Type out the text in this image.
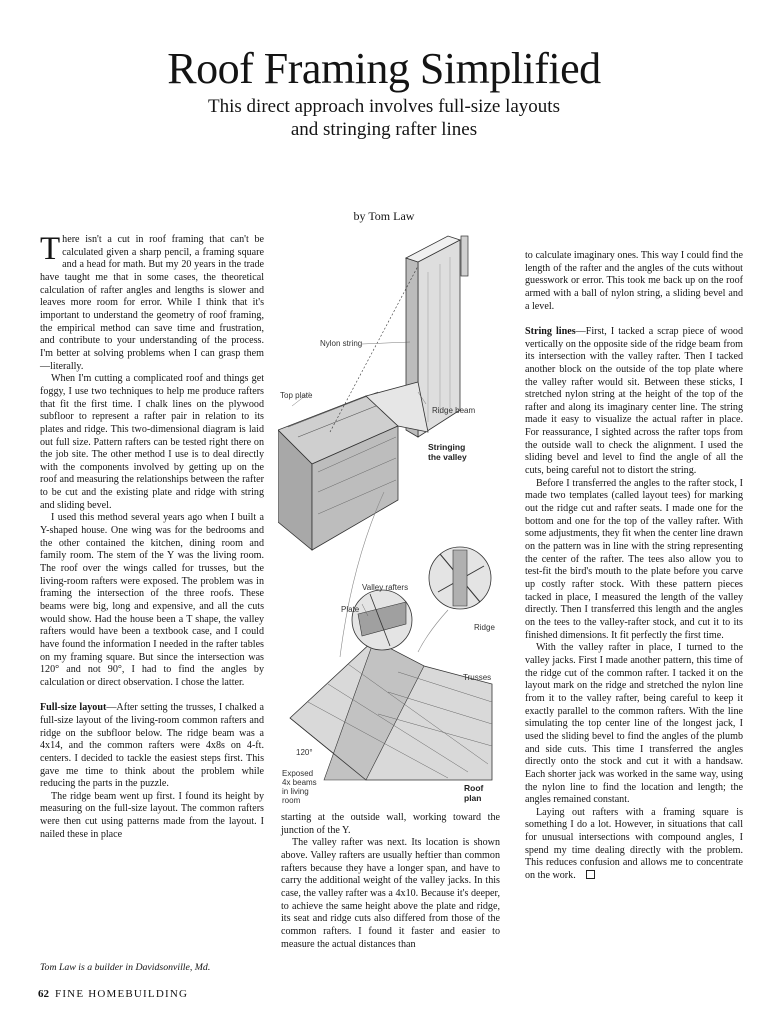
Roof Framing Simplified
This direct approach involves full-size layouts
and stringing rafter lines
by Tom Law

There isn't a cut in roof framing that can't be calculated given a sharp pencil, a framing square and a head for math. But my 20 years in the trade have taught me that in some cases, the theoretical calculation of rafter angles and lengths is slower and leaves more room for error. While I think that it's important to understand the geometry of roof framing, the empirical method can save time and frustration, and contribute to your understanding of the process. I'm better at solving problems when I can grasp them—literally.

When I'm cutting a complicated roof and things get foggy, I use two techniques to help me produce rafters that fit the first time. I chalk lines on the plywood subfloor to represent a rafter pair in relation to its plates and ridge. This two-dimensional diagram is laid out full size. Pattern rafters can be tested right there on the job site. The other method I use is to deal directly with the components involved by getting up on the roof and measuring the relationships between the rafter to be cut and the existing plate and ridge with string and sliding bevel.

I used this method several years ago when I built a Y-shaped house. One wing was for the bedrooms and the other contained the kitchen, dining room and family room. The stem of the Y was the living room. The roof over the wings called for trusses, but the living-room rafters were exposed. The problem was in framing the intersection of the three roofs. These beams were big, long and expensive, and all the cuts would show. Had the house been a T shape, the valley rafters would have been a textbook case, and I could have found the information I needed in the rafter tables on my framing square. But since the intersection was 120° and not 90°, I had to find the angles by calculation or direct observation. I chose the latter.

Full-size layout—After setting the trusses, I chalked a full-size layout of the living-room common rafters and ridge on the subfloor below. The ridge beam was a 4x14, and the common rafters were 4x8s on 4-ft. centers. I decided to tackle the easiest steps first. This gave me time to think about the problem while reducing the parts in the puzzle.

The ridge beam went up first. I found its height by measuring on the full-size layout. The common rafters were then cut using patterns made from the layout. I nailed these in place

Tom Law is a builder in Davidsonville, Md.

starting at the outside wall, working toward the junction of the Y.

The valley rafter was next. Its location is shown above. Valley rafters are usually heftier than common rafters because they have a longer span, and have to carry the additional weight of the valley jacks. In this case, the valley rafter was a 4x10. Because it's deeper, to achieve the same height above the plate and ridge, its seat and ridge cuts also differed from those of the common rafters. I found it faster and easier to measure the actual distances than

to calculate imaginary ones. This way I could find the length of the rafter and the angles of the cuts without guesswork or error. This took me back up on the roof armed with a ball of nylon string, a sliding bevel and a level.

String lines—First, I tacked a scrap piece of wood vertically on the opposite side of the ridge beam from its intersection with the valley rafter. Then I tacked another block on the outside of the top plate where the valley rafter would sit. Between these sticks, I stretched nylon string at the height of the top of the rafter and along its imaginary center line. The string made it easy to visualize the actual rafter in place. For reassurance, I sighted across the rafter tops from the outside wall to check the alignment. I used the sliding bevel and level to find the angle of all the cuts, being careful not to distort the string.

Before I transferred the angles to the rafter stock, I made two templates (called layout tees) for marking out the ridge cut and rafter seats. I made one for the bottom and one for the top of the valley rafter. With some adjustments, they fit when the center line drawn on the pattern was in line with the string representing the center of the rafter. The tees also allow you to test-fit the bird's mouth to the plate before you carve up costly rafter stock. With these pattern pieces tacked in place, I measured the length of the valley directly. Then I transferred this length and the angles on the tees to the valley-rafter stock, and cut it to its finished dimensions. It fit perfectly the first time.

With the valley rafter in place, I turned to the valley jacks. First I made another pattern, this time of the ridge cut of the common rafter. I tacked it on the layout mark on the ridge and stretched the nylon line from it to the valley rafter, being careful to keep it exactly parallel to the common rafters. With the line simulating the top center line of the longest jack, I used the sliding bevel to find the angles of the plumb and side cuts. This time I transferred the angles directly onto the stock and cut it with a handsaw. Each shorter jack was worked in the same way, using the nylon line to find the location and length; the angles remained constant.

Laying out rafters with a framing square is something I do a lot. However, in situations that call for unusual intersections with compound angles, I spend my time dealing directly with the problem. This reduces confusion and allows me to concentrate on the work.

Nylon string
Top plate
Ridge beam
Stringing
the valley
Valley rafters
Plate
Ridge
Trusses
120°
Exposed
4x beams
in living
room
Roof
plan
62 FINE HOMEBUILDING
